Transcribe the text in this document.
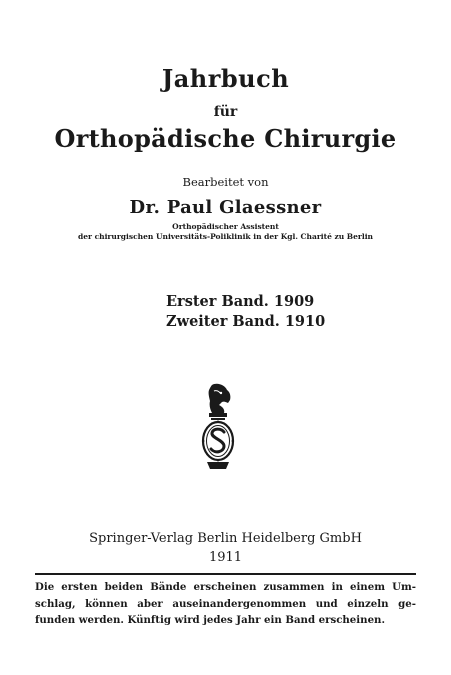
Jahrbuch
für
Orthopädische Chirurgie
Bearbeitet von
Dr. Paul Glaessner
Orthopädischer Assistent
der chirurgischen Universitäts-Poliklinik in der Kgl. Charité zu Berlin
Erster Band. 1909
Zweiter Band. 1910
Springer-Verlag Berlin Heidelberg GmbH
1911
Die ersten beiden Bände erscheinen zusammen in einem Um-
schlag, können aber auseinandergenommen und einzeln ge-
funden werden. Künftig wird jedes Jahr ein Band erscheinen.
